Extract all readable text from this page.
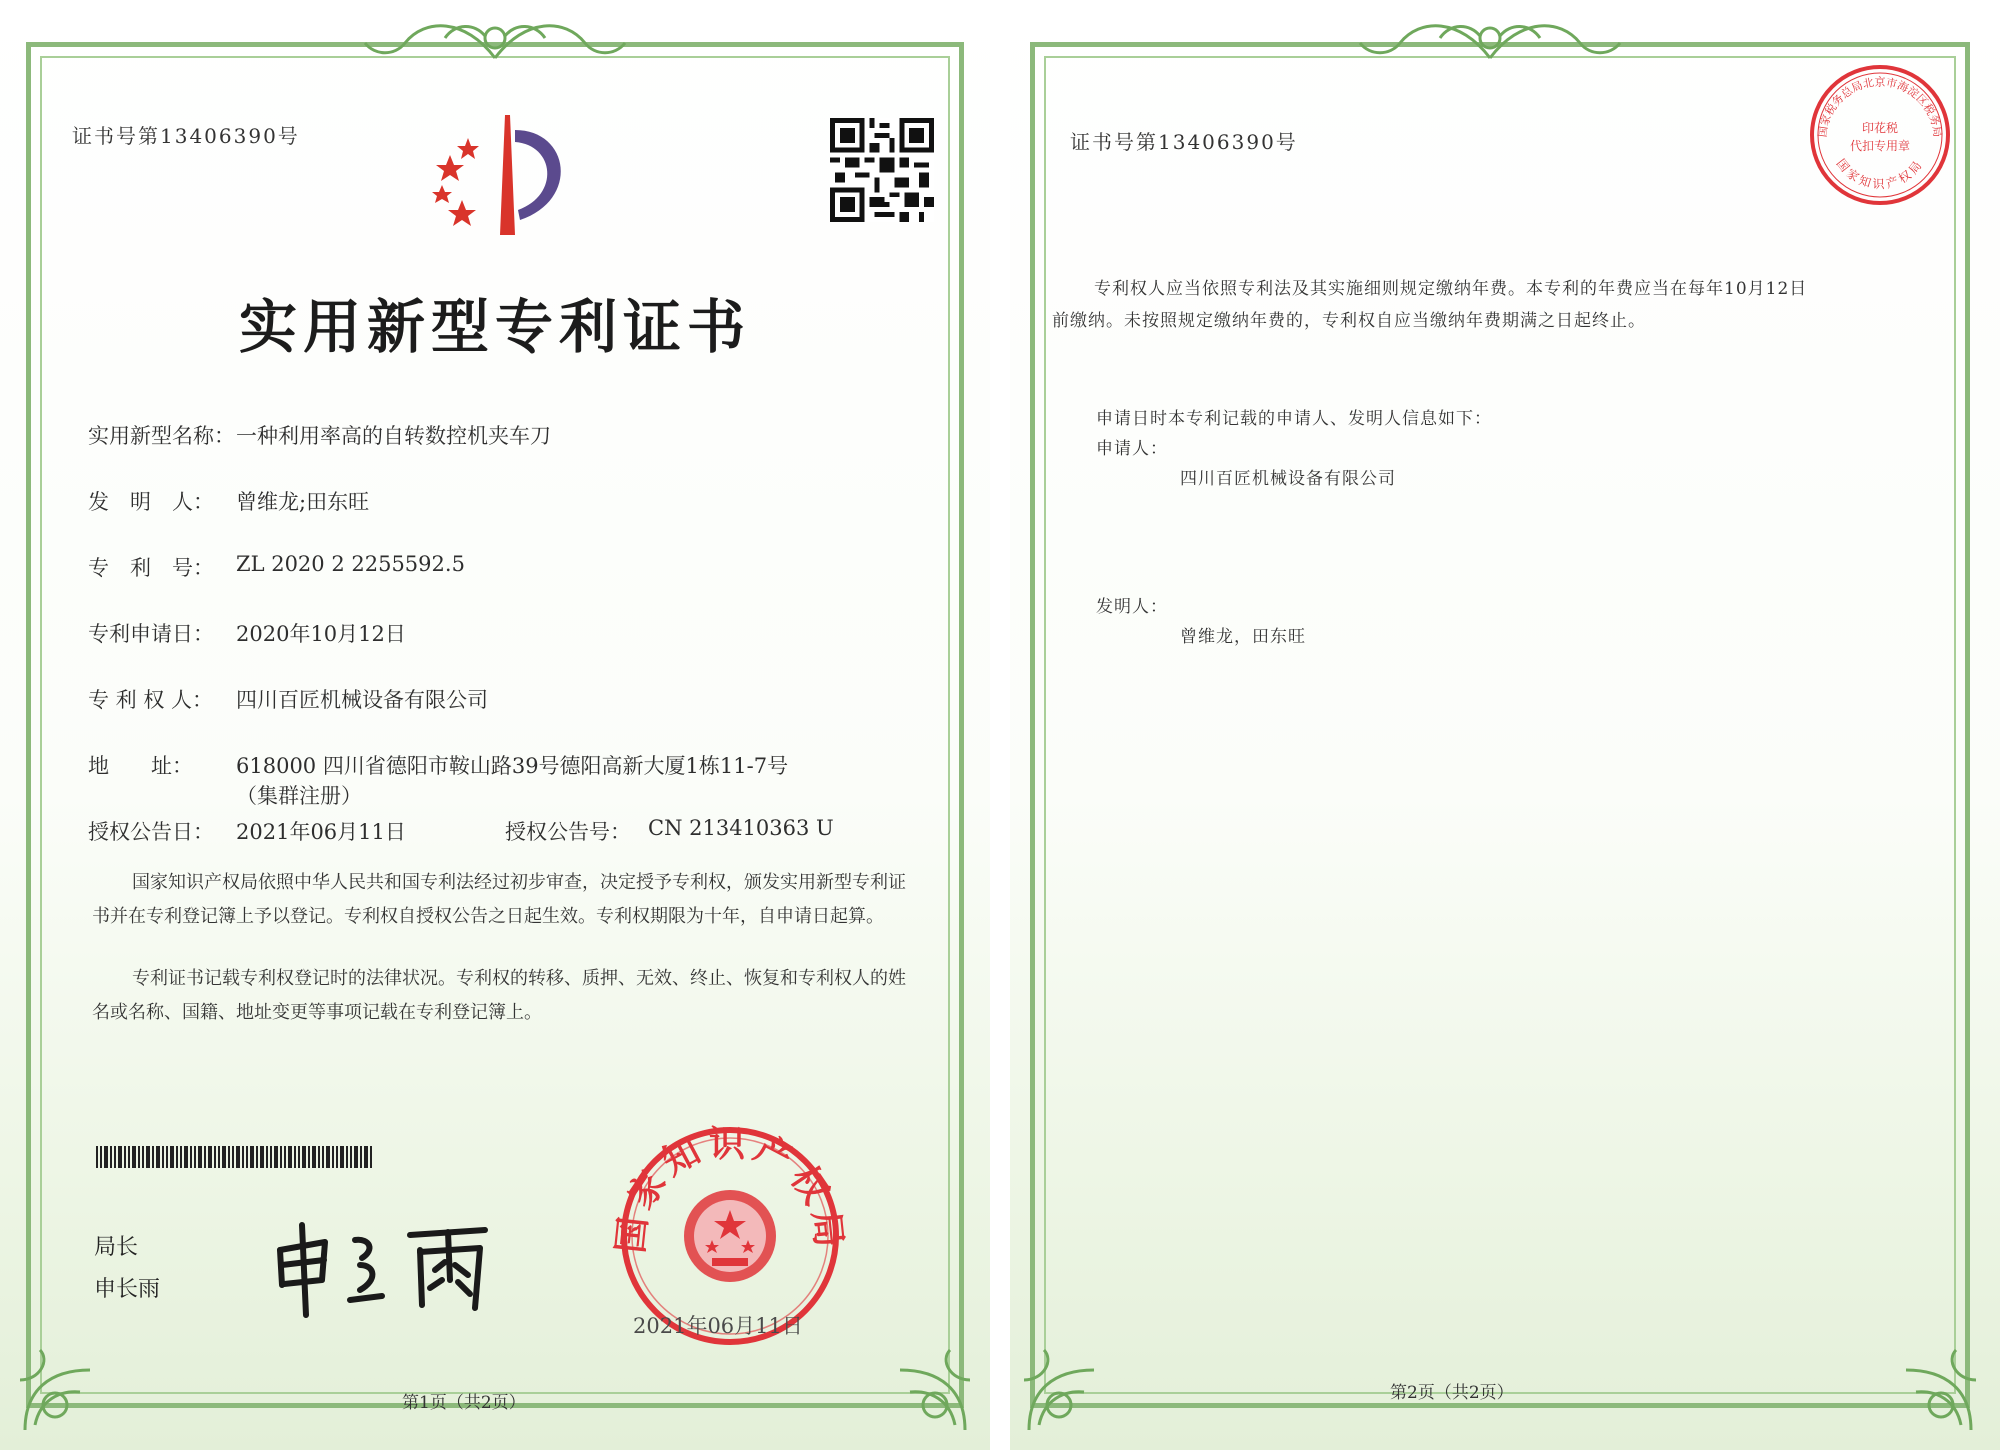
证书号第13406390号
实用新型专利证书
实用新型名称： 一种利用率高的自转数控机夹车刀
发　明　人： 曾维龙;田东旺
专　利　号： ZL 2020 2 2255592.5
专利申请日： 2020年10月12日
专 利 权 人： 四川百匠机械设备有限公司
地　　址： 618000 四川省德阳市鞍山路39号德阳高新大厦1栋11-7号
（集群注册）
授权公告日： 2021年06月11日	授权公告号： CN 213410363 U
国家知识产权局依照中华人民共和国专利法经过初步审查，决定授予专利权，颁发实用新型专利证书并在专利登记簿上予以登记。专利权自授权公告之日起生效。专利权期限为十年，自申请日起算。
专利证书记载专利权登记时的法律状况。专利权的转移、质押、无效、终止、恢复和专利权人的姓名或名称、国籍、地址变更等事项记载在专利登记簿上。
局长
申长雨
国家知识产权局
2021年06月11日
第1页（共2页）
证书号第13406390号	国家税务总局北京市海淀区税务局
国家知识产权局
印花税
代扣专用章
专利权人应当依照专利法及其实施细则规定缴纳年费。本专利的年费应当在每年10月12日
前缴纳。未按照规定缴纳年费的，专利权自应当缴纳年费期满之日起终止。
申请日时本专利记载的申请人、发明人信息如下：
申请人：
四川百匠机械设备有限公司
发明人：
曾维龙，田东旺
第2页（共2页）
